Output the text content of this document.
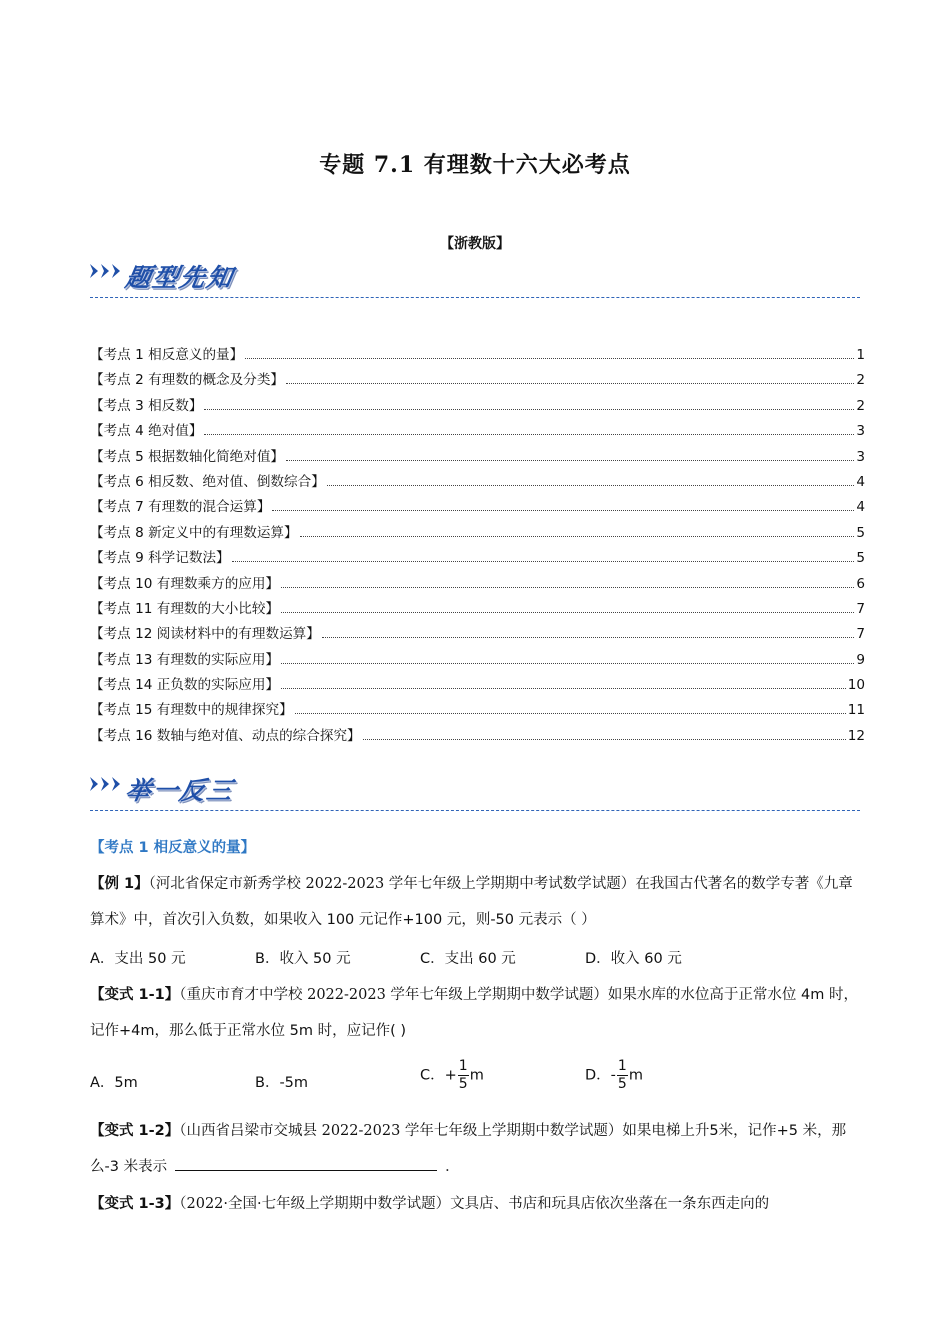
专题 7.1 有理数十六大必考点
【浙教版】
题型先知
【考点 1 相反意义的量】	1
【考点 2 有理数的概念及分类】	2
【考点 3 相反数】	2
【考点 4 绝对值】	3
【考点 5 根据数轴化简绝对值】	3
【考点 6 相反数、绝对值、倒数综合】	4
【考点 7 有理数的混合运算】	4
【考点 8 新定义中的有理数运算】	5
【考点 9 科学记数法】	5
【考点 10 有理数乘方的应用】	6
【考点 11 有理数的大小比较】	7
【考点 12 阅读材料中的有理数运算】	7
【考点 13 有理数的实际应用】	9
【考点 14 正负数的实际应用】	10
【考点 15 有理数中的规律探究】	11
【考点 16 数轴与绝对值、动点的综合探究】	12
举一反三
【考点 1 相反意义的量】
【例 1】（河北省保定市新秀学校 2022-2023 学年七年级上学期期中考试数学试题）在我国古代著名的数学专著《九章算术》中，首次引入负数，如果收入 100 元记作+100 元，则-50 元表示（ ）
A．支出 50 元	B．收入 50 元	C．支出 60 元	D．收入 60 元
【变式 1-1】（重庆市育才中学校 2022-2023 学年七年级上学期期中数学试题）如果水库的水位高于正常水位 4m 时，记作+4m，那么低于正常水位 5m 时，应记作( )
A．5m	B．-5m	C．+ $\frac{1}{5}$ m	D．- $\frac{1}{5}$ m
【变式 1-2】（山西省吕梁市交城县 2022-2023 学年七年级上学期期中数学试题）如果电梯上升5米，记作+5 米，那么-3 米表示	．
【变式 1-3】（2022·全国·七年级上学期期中数学试题）文具店、书店和玩具店依次坐落在一条东西走向的
